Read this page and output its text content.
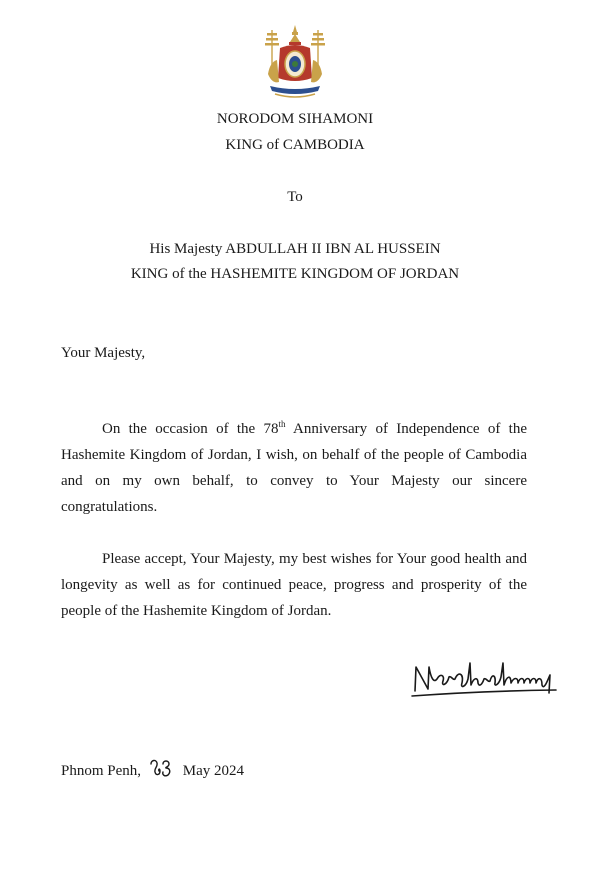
NORODOM SIHAMONI
KING of CAMBODIA
To
His Majesty ABDULLAH II IBN AL HUSSEIN
KING of the HASHEMITE KINGDOM OF JORDAN
Your Majesty,

On the occasion of the 78th Anniversary of Independence of the Hashemite Kingdom of Jordan, I wish, on behalf of the people of Cambodia and on my own behalf, to convey to Your Majesty our sincere congratulations.

Please accept, Your Majesty, my best wishes for Your good health and longevity as well as for continued peace, progress and prosperity of the people of the Hashemite Kingdom of Jordan.

Phnom Penh,	May 2024
